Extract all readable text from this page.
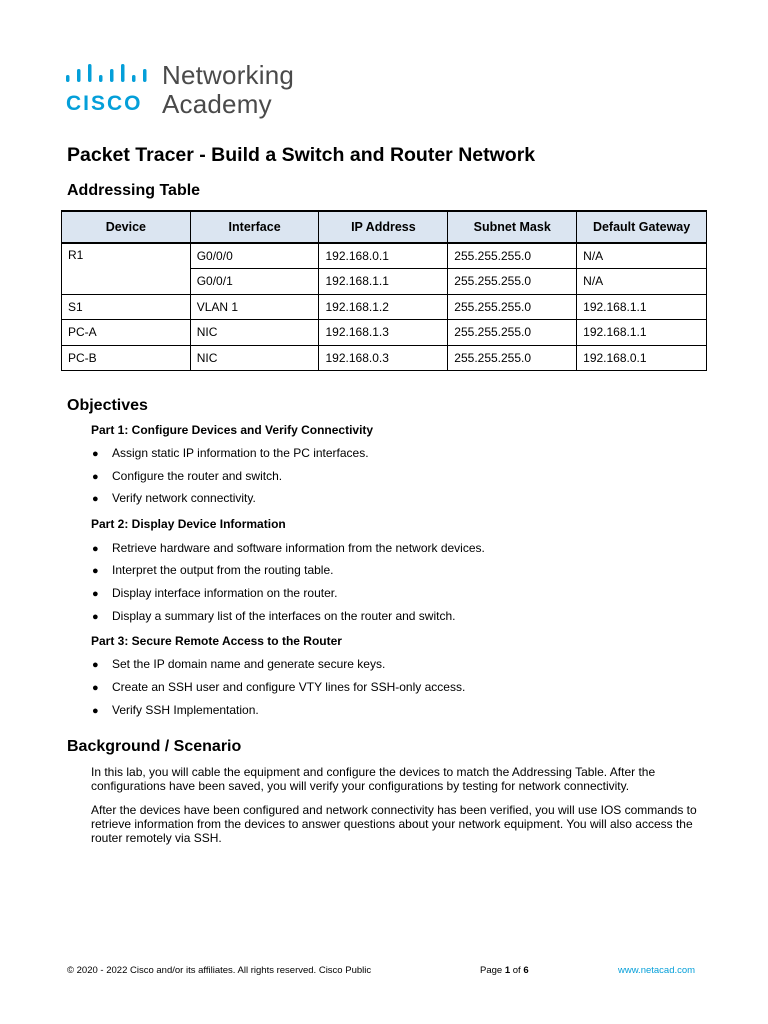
CISCO
Networking
Academy
Packet Tracer - Build a Switch and Router Network
Addressing Table
Device	Interface	IP Address	Subnet Mask	Default Gateway
R1	G0/0/0	192.168.0.1	255.255.255.0	N/A
	G0/0/1	192.168.1.1	255.255.255.0	N/A
S1	VLAN 1	192.168.1.2	255.255.255.0	192.168.1.1
PC-A	NIC	192.168.1.3	255.255.255.0	192.168.1.1
PC-B	NIC	192.168.0.3	255.255.255.0	192.168.0.1
Objectives
Part 1: Configure Devices and Verify Connectivity
● Assign static IP information to the PC interfaces.
● Configure the router and switch.
● Verify network connectivity.
Part 2: Display Device Information
● Retrieve hardware and software information from the network devices.
● Interpret the output from the routing table.
● Display interface information on the router.
● Display a summary list of the interfaces on the router and switch.
Part 3: Secure Remote Access to the Router
● Set the IP domain name and generate secure keys.
● Create an SSH user and configure VTY lines for SSH-only access.
● Verify SSH Implementation.
Background / Scenario
In this lab, you will cable the equipment and configure the devices to match the Addressing Table. After the configurations have been saved, you will verify your configurations by testing for network connectivity.
After the devices have been configured and network connectivity has been verified, you will use IOS commands to retrieve information from the devices to answer questions about your network equipment. You will also access the router remotely via SSH.
© 2020 - 2022 Cisco and/or its affiliates. All rights reserved. Cisco Public	Page 1 of 6	www.netacad.com
